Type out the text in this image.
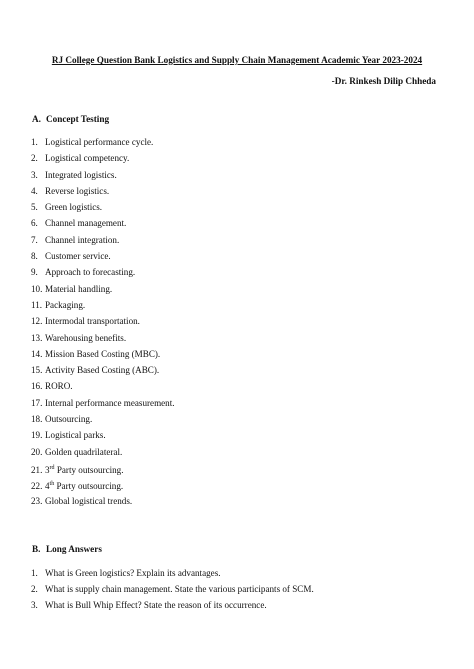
RJ College Question Bank Logistics and Supply Chain Management Academic Year 2023-2024
-Dr. Rinkesh Dilip Chheda
A. Concept Testing
1. Logistical performance cycle.
2. Logistical competency.
3. Integrated logistics.
4. Reverse logistics.
5. Green logistics.
6. Channel management.
7. Channel integration.
8. Customer service.
9. Approach to forecasting.
10. Material handling.
11. Packaging.
12. Intermodal transportation.
13. Warehousing benefits.
14. Mission Based Costing (MBC).
15. Activity Based Costing (ABC).
16. RORO.
17. Internal performance measurement.
18. Outsourcing.
19. Logistical parks.
20. Golden quadrilateral.
21. 3rd Party outsourcing.
22. 4th Party outsourcing.
23. Global logistical trends.
B. Long Answers
1. What is Green logistics? Explain its advantages.
2. What is supply chain management. State the various participants of SCM.
3. What is Bull Whip Effect? State the reason of its occurrence.
